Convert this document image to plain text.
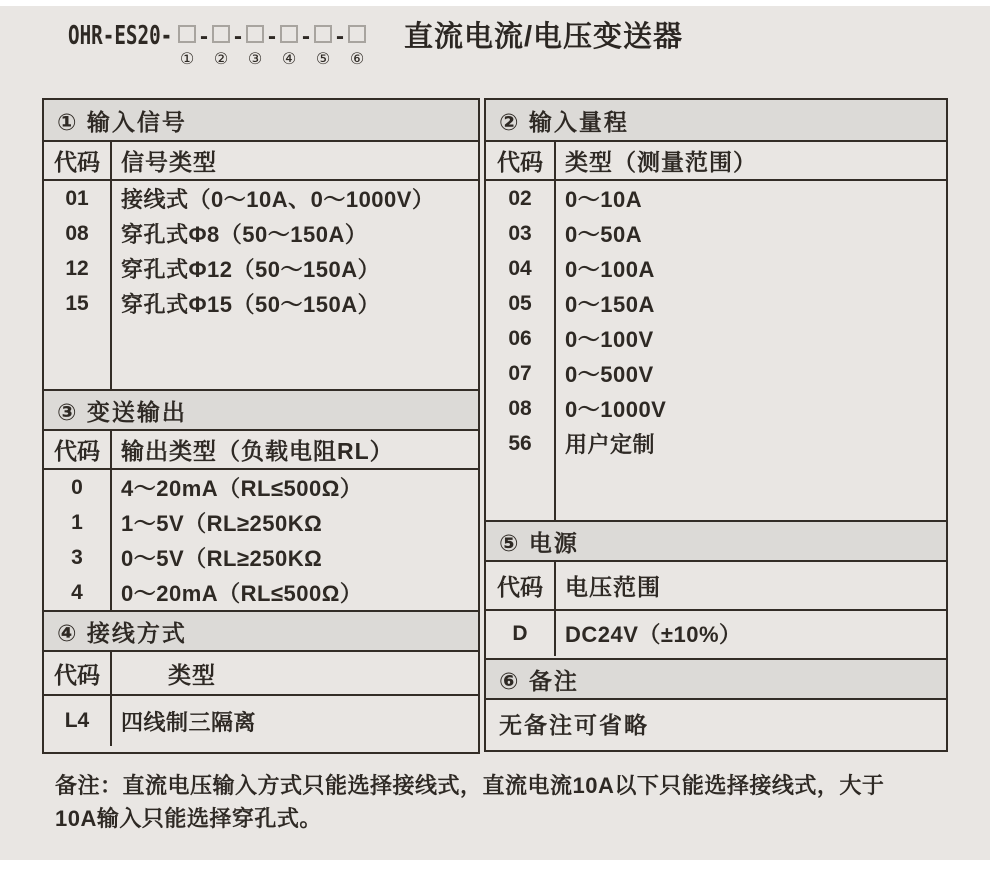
OHR-ES20-
①
-
②
-
③
-
④
-
⑤
-
⑥
直流电流/电压变送器
① 输入信号
代码 信号类型
01	接线式（0～10A、0～1000V）
08	穿孔式Φ8（50～150A）
12	穿孔式Φ12（50～150A）
15	穿孔式Φ15（50～150A）
③ 变送输出
代码 输出类型（负载电阻RL）
0	4～20mA（RL≤500Ω）
1	1～5V（RL≥250KΩ
3	0～5V（RL≥250KΩ
4	0～20mA（RL≤500Ω）
④ 接线方式
代码	类型
L4	四线制三隔离
② 输入量程
代码 类型（测量范围）
02	0～10A
03	0～50A
04	0～100A
05	0～150A
06	0～100V
07	0～500V
08	0～1000V
56	用户定制
⑤ 电源
代码 电压范围
D	DC24V（±10%）
⑥ 备注
无备注可省略
备注：直流电压输入方式只能选择接线式，直流电流10A以下只能选择接线式，大于
10A输入只能选择穿孔式。
